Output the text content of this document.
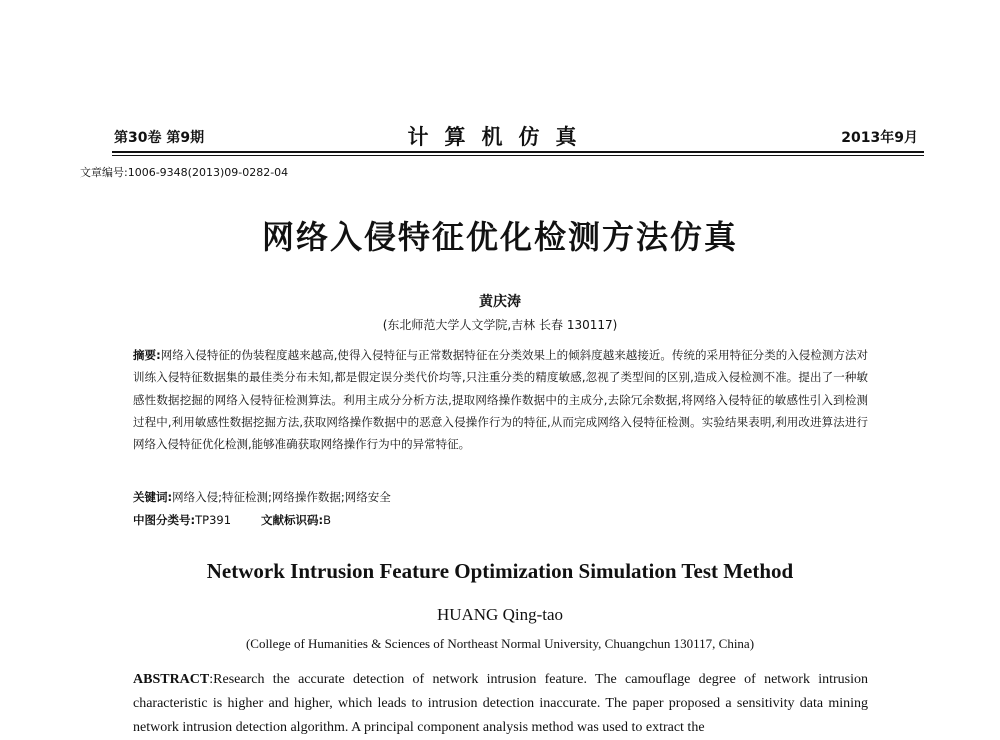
第30卷 第9期	计算机仿真	2013年9月
文章编号:1006-9348(2013)09-0282-04
网络入侵特征优化检测方法仿真
黄庆涛
(东北师范大学人文学院,吉林 长春 130117)
摘要:网络入侵特征的伪装程度越来越高,使得入侵特征与正常数据特征在分类效果上的倾斜度越来越接近。传统的采用特征分类的入侵检测方法对训练入侵特征数据集的最佳类分布未知,都是假定误分类代价均等,只注重分类的精度敏感,忽视了类型间的区别,造成入侵检测不准。提出了一种敏感性数据挖掘的网络入侵特征检测算法。利用主成分分析方法,提取网络操作数据中的主成分,去除冗余数据,将网络入侵特征的敏感性引入到检测过程中,利用敏感性数据挖掘方法,获取网络操作数据中的恶意入侵操作行为的特征,从而完成网络入侵特征检测。实验结果表明,利用改进算法进行网络入侵特征优化检测,能够准确获取网络操作行为中的异常特征。
关键词:网络入侵;特征检测;网络操作数据;网络安全
中图分类号:TP391	文献标识码:B
Network Intrusion Feature Optimization Simulation Test Method
HUANG Qing-tao
(College of Humanities & Sciences of Northeast Normal University, Chuangchun 130117, China)
ABSTRACT:Research the accurate detection of network intrusion feature. The camouflage degree of network intrusion characteristic is higher and higher, which leads to intrusion detection inaccurate. The paper proposed a sensitivity data mining network intrusion detection algorithm. A principal component analysis method was used to extract the
